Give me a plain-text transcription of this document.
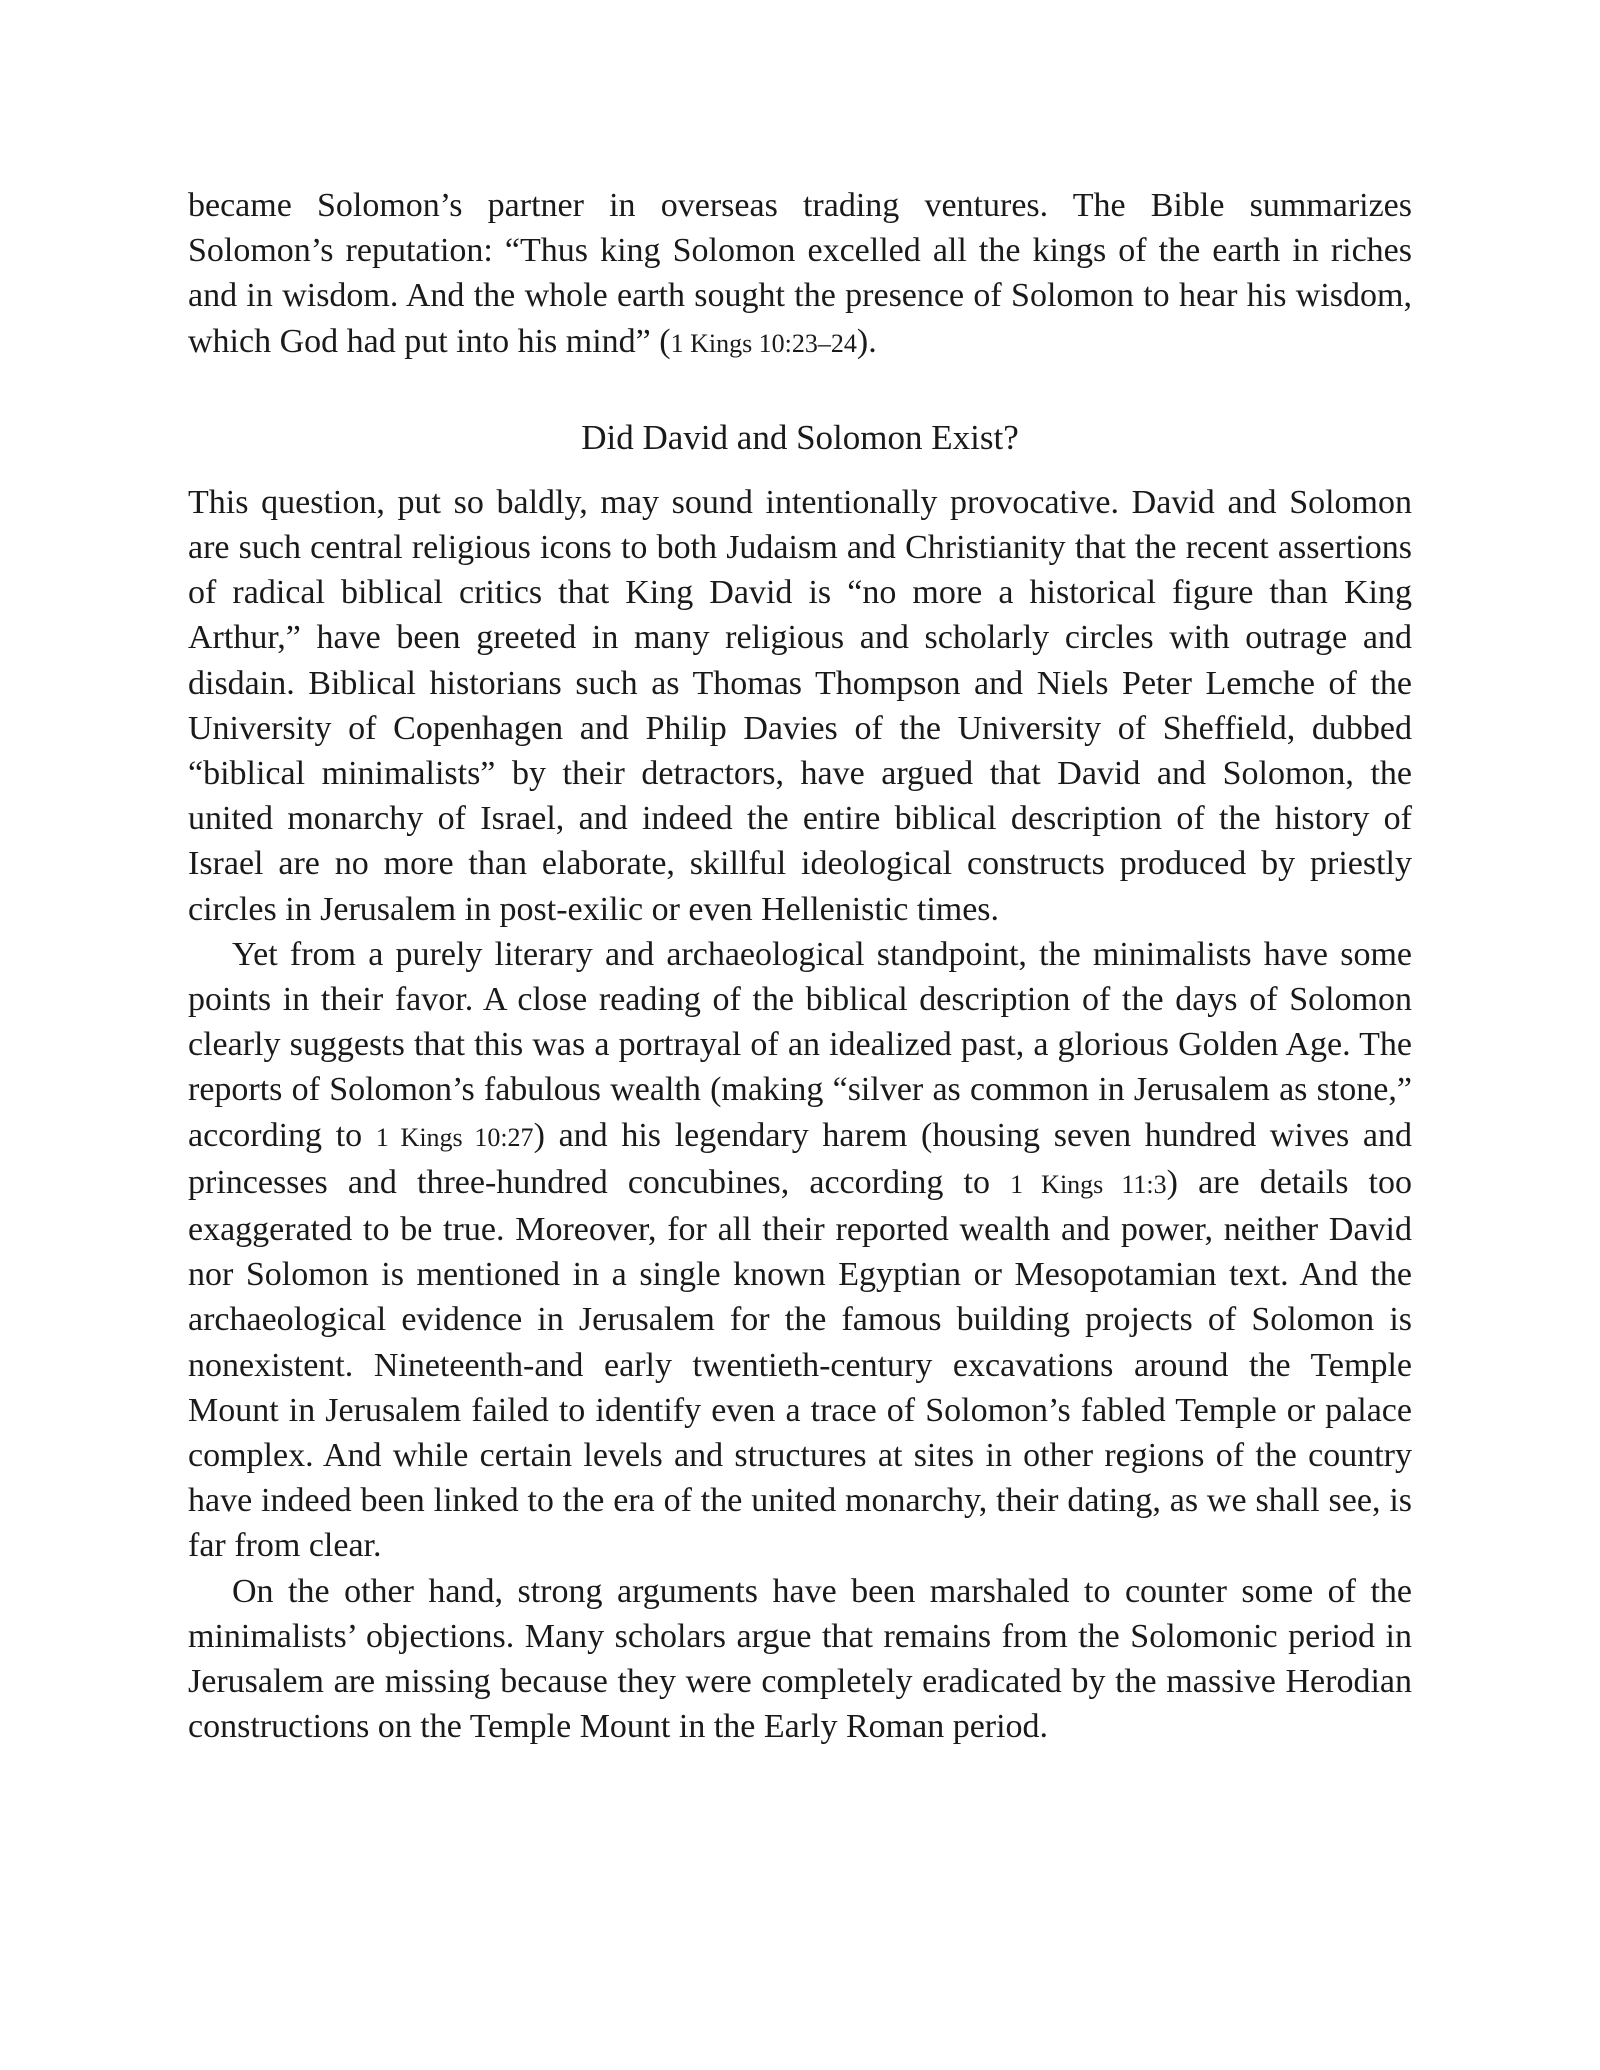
became Solomon’s partner in overseas trading ventures. The Bible summarizes Solomon’s reputation: “Thus king Solomon excelled all the kings of the earth in riches and in wisdom. And the whole earth sought the presence of Solomon to hear his wisdom, which God had put into his mind” (1 Kings 10:23–24).

Did David and Solomon Exist?

This question, put so baldly, may sound intentionally provocative. David and Solomon are such central religious icons to both Judaism and Christianity that the recent assertions of radical biblical critics that King David is “no more a historical figure than King Arthur,” have been greeted in many religious and scholarly circles with outrage and disdain. Biblical historians such as Thomas Thompson and Niels Peter Lemche of the University of Copenhagen and Philip Davies of the University of Sheffield, dubbed “biblical minimalists” by their detractors, have argued that David and Solomon, the united monarchy of Israel, and indeed the entire biblical description of the history of Israel are no more than elaborate, skillful ideological constructs produced by priestly circles in Jerusalem in post-exilic or even Hellenistic times.

Yet from a purely literary and archaeological standpoint, the minimalists have some points in their favor. A close reading of the biblical description of the days of Solomon clearly suggests that this was a portrayal of an idealized past, a glorious Golden Age. The reports of Solomon’s fabulous wealth (making “silver as common in Jerusalem as stone,” according to 1 Kings 10:27) and his legendary harem (housing seven hundred wives and princesses and three-hundred concubines, according to 1 Kings 11:3) are details too exaggerated to be true. Moreover, for all their reported wealth and power, neither David nor Solomon is mentioned in a single known Egyptian or Mesopotamian text. And the archaeological evidence in Jerusalem for the famous building projects of Solomon is nonexistent. Nineteenth-and early twentieth-century excavations around the Temple Mount in Jerusalem failed to identify even a trace of Solomon’s fabled Temple or palace complex. And while certain levels and structures at sites in other regions of the country have indeed been linked to the era of the united monarchy, their dating, as we shall see, is far from clear.

On the other hand, strong arguments have been marshaled to counter some of the minimalists’ objections. Many scholars argue that remains from the Solomonic period in Jerusalem are missing because they were completely eradicated by the massive Herodian constructions on the Temple Mount in the Early Roman period.
